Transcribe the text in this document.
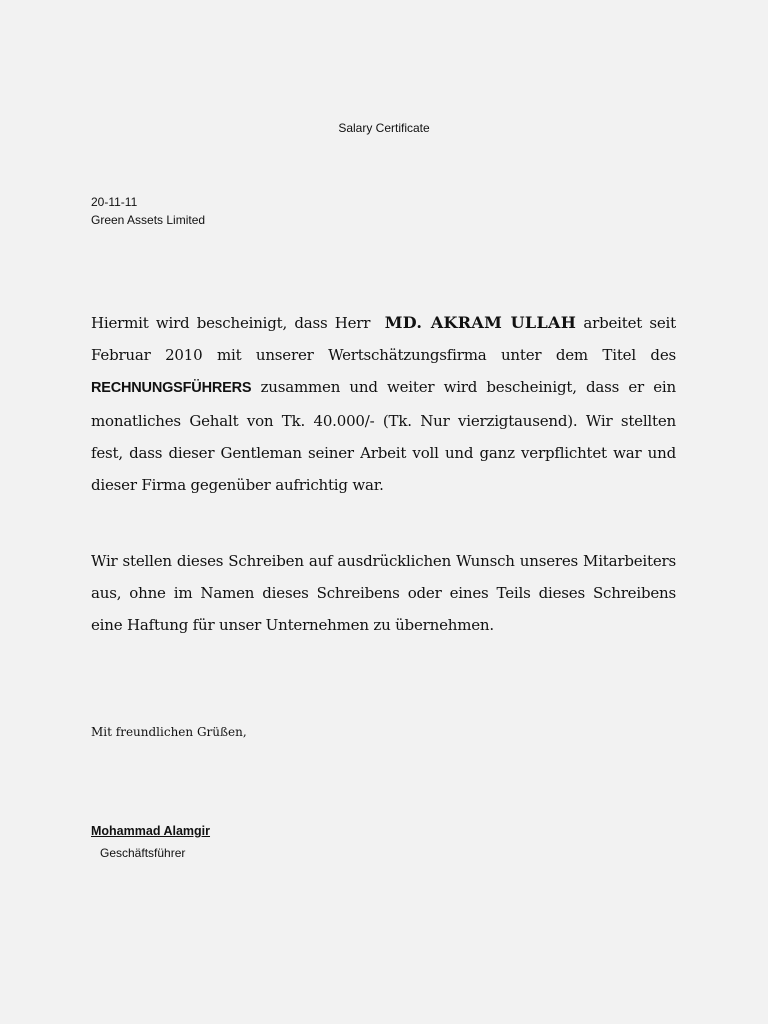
Salary Certificate
20-11-11
Green Assets Limited
Hiermit wird bescheinigt, dass Herr  MD. AKRAM ULLAH arbeitet seit Februar 2010 mit unserer Wertschätzungsfirma unter dem Titel des RECHNUNGSFÜHRERS zusammen und weiter wird bescheinigt, dass er ein monatliches Gehalt von Tk. 40.000/- (Tk. Nur vierzigtausend). Wir stellten fest, dass dieser Gentleman seiner Arbeit voll und ganz verpflichtet war und dieser Firma gegenüber aufrichtig war.
Wir stellen dieses Schreiben auf ausdrücklichen Wunsch unseres Mitarbeiters aus, ohne im Namen dieses Schreibens oder eines Teils dieses Schreibens eine Haftung für unser Unternehmen zu übernehmen.
Mit freundlichen Grüßen,
Mohammad Alamgir
Geschäftsführer
